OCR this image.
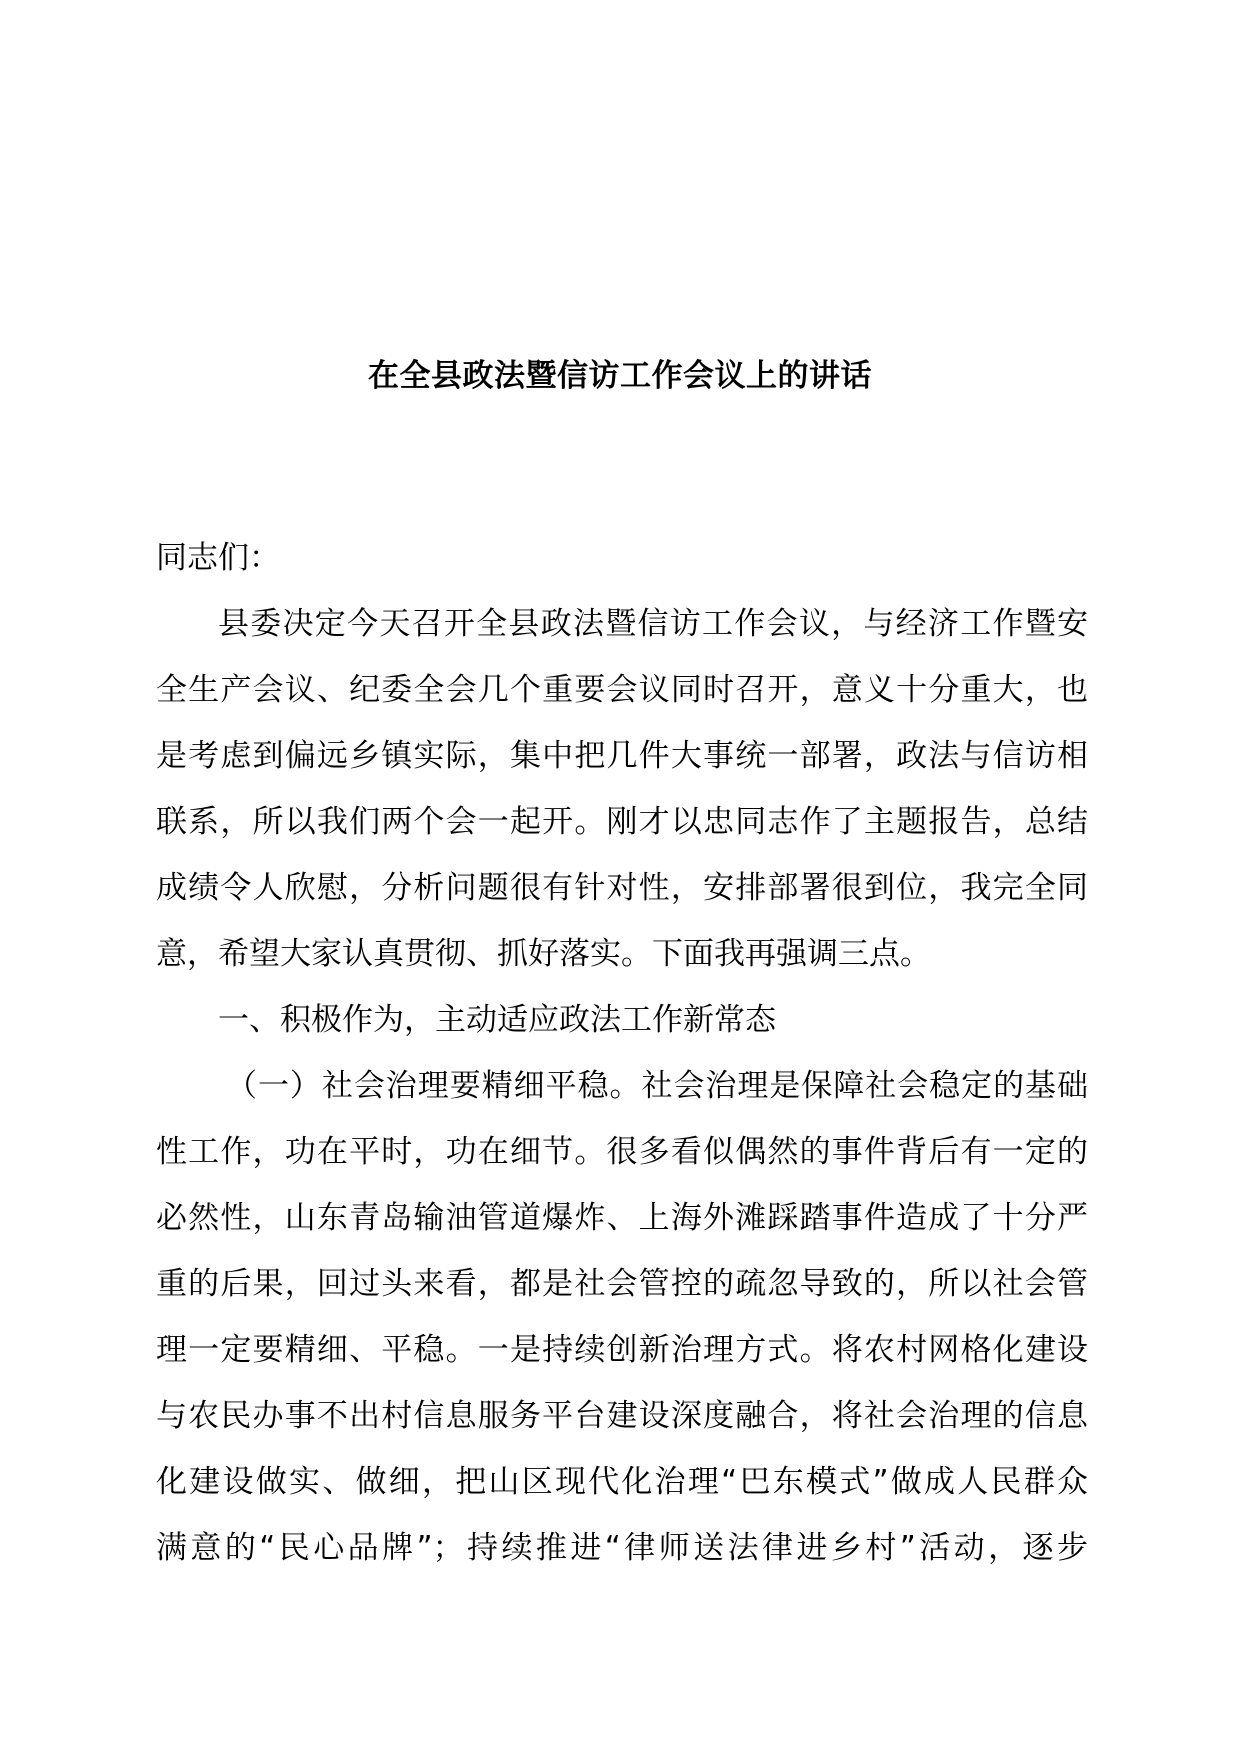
在全县政法暨信访工作会议上的讲话
同志们：

县委决定今天召开全县政法暨信访工作会议，与经济工作暨安
全生产会议、纪委全会几个重要会议同时召开，意义十分重大，也
是考虑到偏远乡镇实际，集中把几件大事统一部署，政法与信访相
联系，所以我们两个会一起开。刚才以忠同志作了主题报告，总结
成绩令人欣慰，分析问题很有针对性，安排部署很到位，我完全同
意，希望大家认真贯彻、抓好落实。下面我再强调三点。

一、积极作为，主动适应政法工作新常态

（一）社会治理要精细平稳。社会治理是保障社会稳定的基础
性工作，功在平时，功在细节。很多看似偶然的事件背后有一定的
必然性，山东青岛输油管道爆炸、上海外滩踩踏事件造成了十分严
重的后果，回过头来看，都是社会管控的疏忽导致的，所以社会管
理一定要精细、平稳。一是持续创新治理方式。将农村网格化建设
与农民办事不出村信息服务平台建设深度融合，将社会治理的信息
化建设做实、做细，把山区现代化治理“巴东模式”做成人民群众
满意的“民心品牌”；持续推进“律师送法律进乡村”活动，逐步
